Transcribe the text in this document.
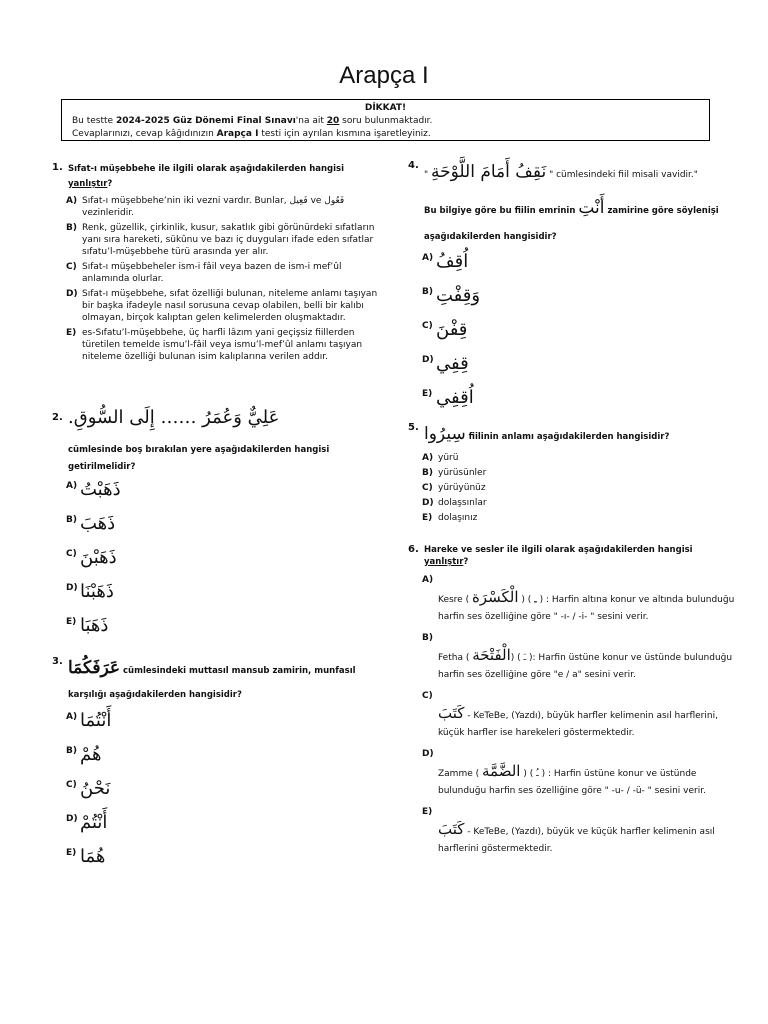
Arapça I
DİKKAT!
Bu testte 2024-2025 Güz Dönemi Final Sınavı'na ait 20 soru bulunmaktadır.
Cevaplarınızı, cevap kâğıdınızın Arapça I testi için ayrılan kısmına işaretleyiniz.
1. Sıfat-ı müşebbehe ile ilgili olarak aşağıdakilerden hangisi yanlıştır?
A) Sıfat-ı müşebbehe’nin iki vezni vardır. Bunlar, فَعِيل ve فَعُول vezinleridir.
B) Renk, güzellik, çirkinlik, kusur, sakatlık gibi görünürdeki sıfatların yanı sıra hareketi, sükûnu ve bazı iç duyguları ifade eden sıfatlar sıfatu’l-müşebbehe türü arasında yer alır.
C) Sıfat-ı müşebbeheler ism-i fâil veya bazen de ism-i mef’ûl anlamında olurlar.
D) Sıfat-ı müşebbehe, sıfat özelliği bulunan, niteleme anlamı taşıyan bir başka ifadeyle nasıl sorusuna cevap olabilen, belli bir kalıbı olmayan, birçok kalıptan gelen kelimelerden oluşmaktadır.
E) es-Sıfatu’l-müşebbehe, üç harfli lâzım yani geçişsiz fiillerden türetilen temelde ismu’l-fâil veya ismu’l-mef’ûl anlamı taşıyan niteleme özelliği bulunan isim kalıplarına verilen addır.
2. عَلِيٌّ وَعُمَرُ …… إِلَى السُّوقِ.
cümlesinde boş bırakılan yere aşağıdakilerden hangisi getirilmelidir?
A) ذَهَبْتُ
B) ذَهَبَ
C) ذَهَبْنَ
D) ذَهَبْنَا
E) ذَهَبَا
3. عَرَفَكُمَا cümlesindeki muttasıl mansub zamirin, munfasıl karşılığı aşağıdakilerden hangisidir?
A) أَنْتُمَا
B) هُمْ
C) نَحْنُ
D) أَنْتُمْ
E) هُمَا
4.
" نَقِفُ أَمَامَ اللَّوْحَةِ " cümlesindeki fiil misali vavidir."
Bu bilgiye göre bu fiilin emrinin أَنْتِ zamirine göre söylenişi aşağıdakilerden hangisidir?
A) اُقِفُ
B) وَقِفْتِ
C) قِفْنَ
D) قِفِي
E) اُقِفِي
5. سِيرُوا fiilinin anlamı aşağıdakilerden hangisidir?
A) yürü
B) yürüsünler
C) yürüyünüz
D) dolaşsınlar
E) dolaşınız
6. Hareke ve sesler ile ilgili olarak aşağıdakilerden hangisi yanlıştır?
A)

Kesre ( الْكَسْرَة ) ( ـِ ) : Harfin altına konur ve altında bulunduğu harfin ses özelliğine göre " -ı- / -i- " sesini verir.
B)

Fetha ( الْفَتْحَة) ( ـَ ): Harfin üstüne konur ve üstünde bulunduğu harfin ses özelliğine göre "e / a" sesini verir.
C)

كَتَبَ - KeTeBe, (Yazdı), büyük harfler kelimenin asıl harflerini, küçük harfler ise harekeleri göstermektedir.
D)

Zamme ( الضَّمَّة ) ( ـُ ) : Harfin üstüne konur ve üstünde bulunduğu harfin ses özelliğine göre " -u- / -ü- " sesini verir.
E)

كَتَبَ - KeTeBe, (Yazdı), büyük ve küçük harfler kelimenin asıl harflerini göstermektedir.
